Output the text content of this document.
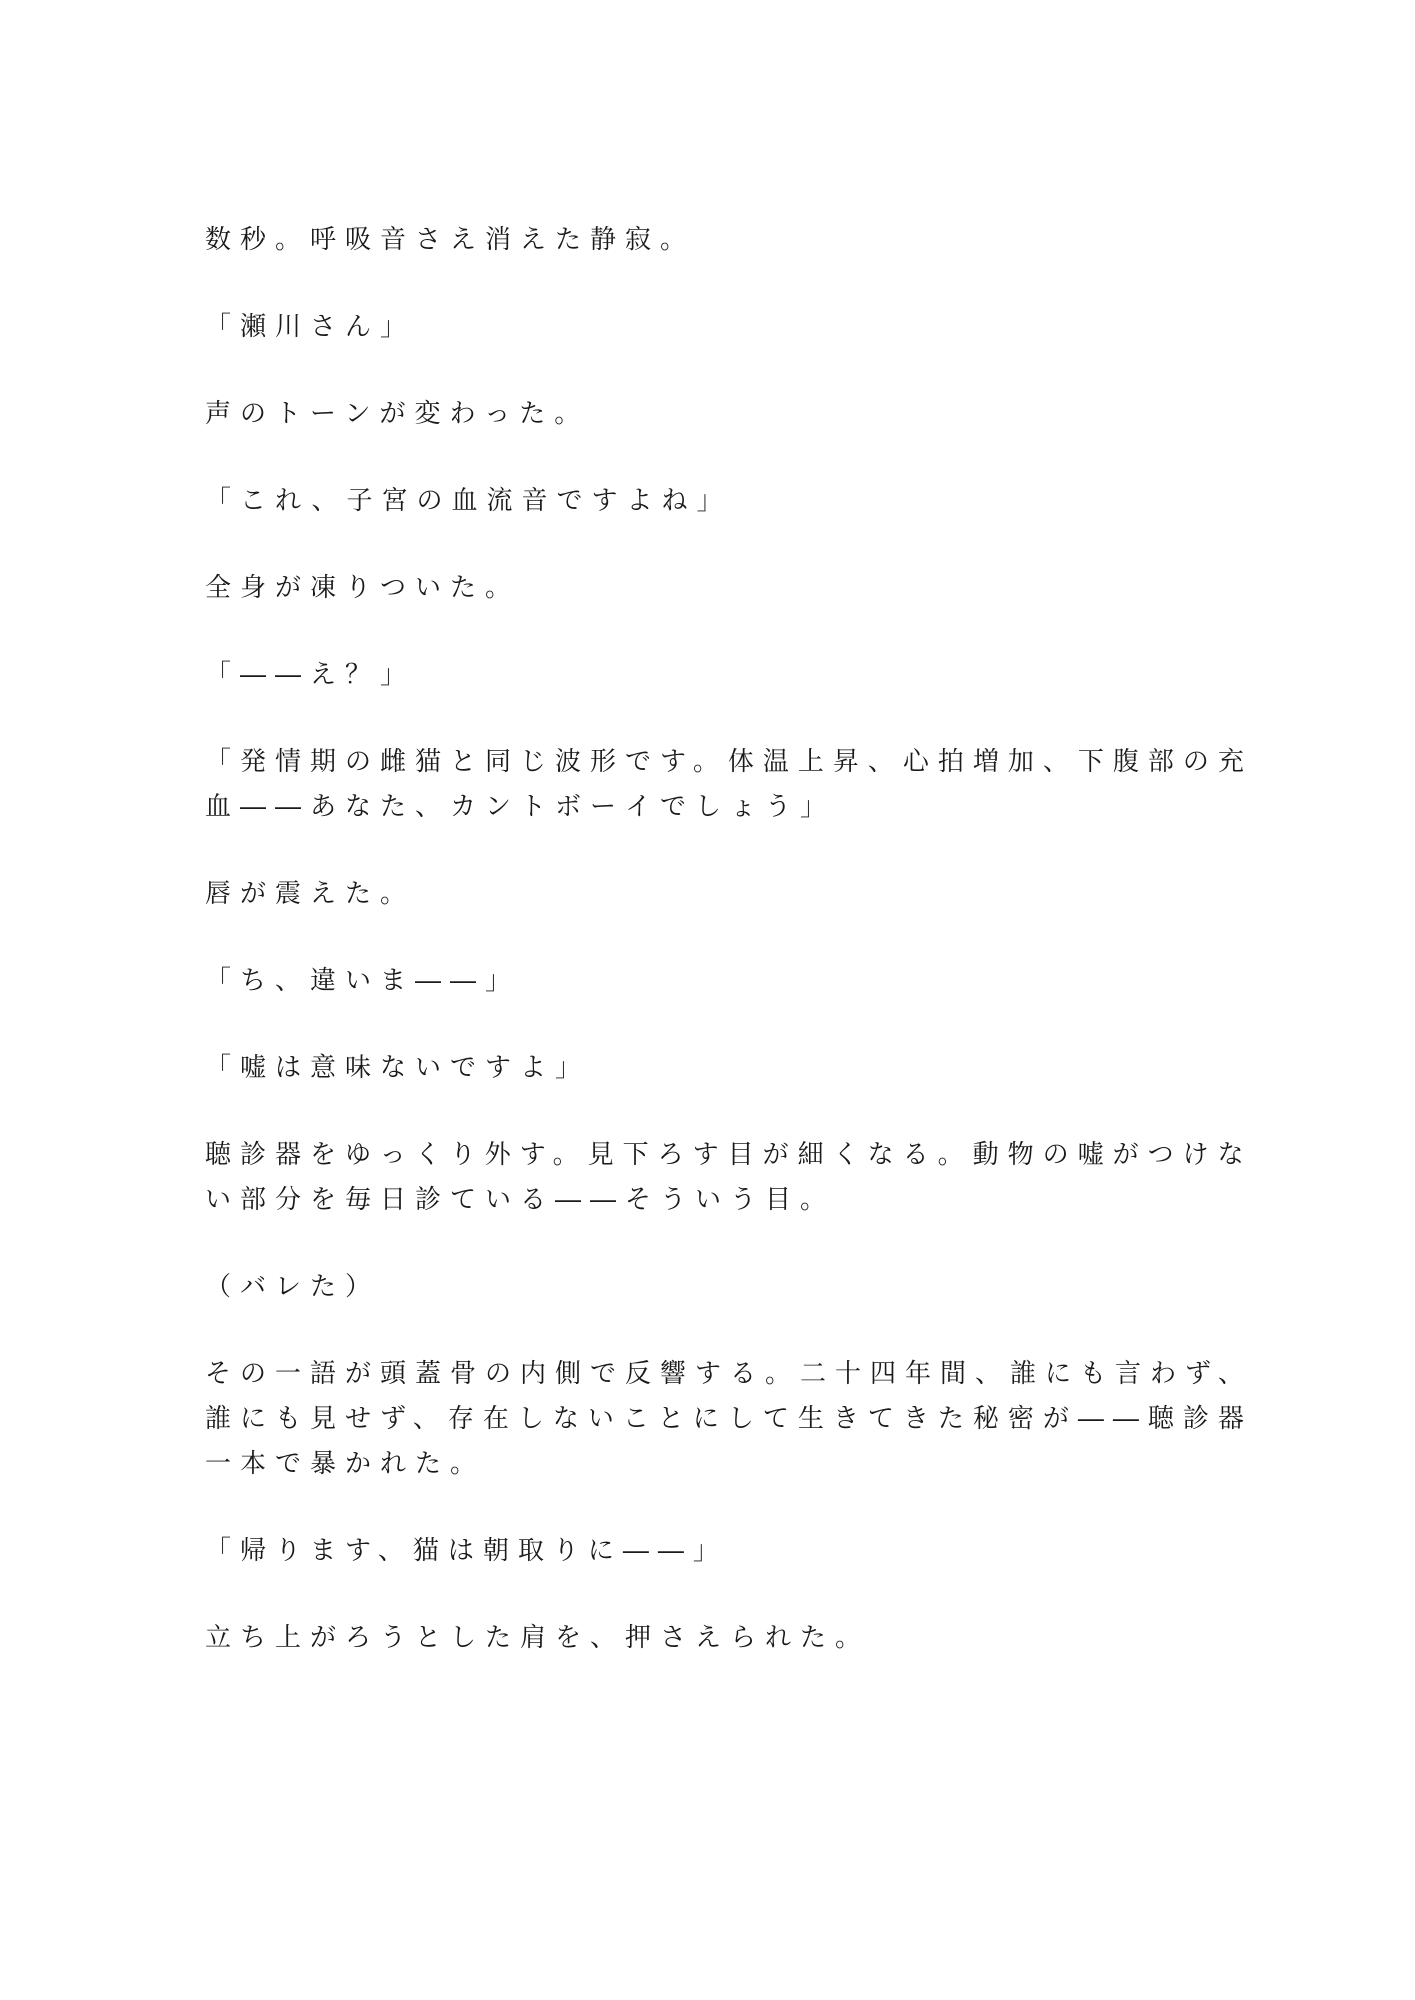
数秒。呼吸音さえ消えた静寂。

「瀬川さん」

声のトーンが変わった。

「これ、子宮の血流音ですよね」

全身が凍りついた。

「――え？」

「発情期の雌猫と同じ波形です。体温上昇、心拍増加、下腹部の充
血――あなた、カントボーイでしょう」

唇が震えた。

「ち、違いま――」

「嘘は意味ないですよ」

聴診器をゆっくり外す。見下ろす目が細くなる。動物の嘘がつけな
い部分を毎日診ている――そういう目。

（バレた）

その一語が頭蓋骨の内側で反響する。二十四年間、誰にも言わず、
誰にも見せず、存在しないことにして生きてきた秘密が――聴診器
一本で暴かれた。

「帰ります、猫は朝取りに――」

立ち上がろうとした肩を、押さえられた。
